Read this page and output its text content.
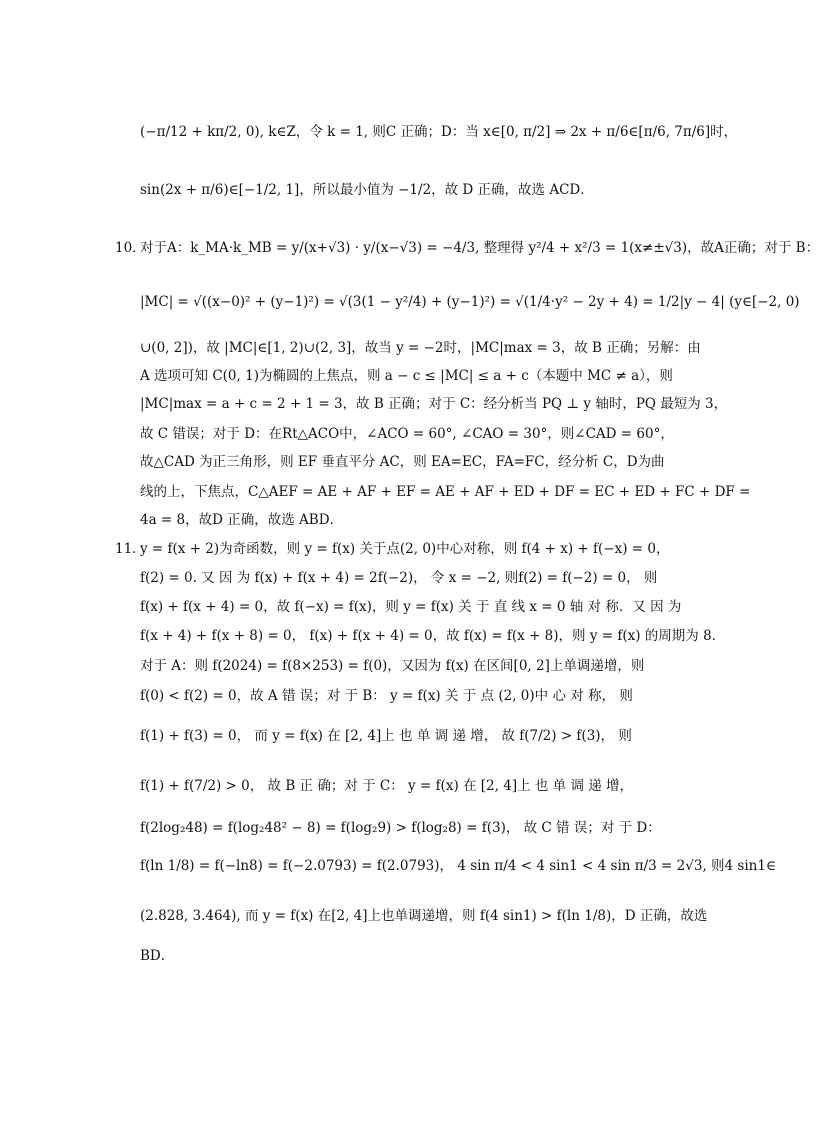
(−π/12 + kπ/2, 0), k∈Z，令 k = 1, 则C 正确；D：当 x∈[0, π/2] ⇒ 2x + π/6∈[π/6, 7π/6]时，
sin(2x + π/6)∈[−1/2, 1]，所以最小值为 −1/2，故 D 正确，故选 ACD．
10．
对于A：k_MA·k_MB = y/(x+√3) · y/(x−√3) = −4/3, 整理得 y²/4 + x²/3 = 1(x≠±√3)，故A正确；对于 B：
|MC| = √((x−0)² + (y−1)²) = √(3(1 − y²/4) + (y−1)²) = √(1/4·y² − 2y + 4) = 1/2|y − 4| (y∈[−2, 0)
∪(0, 2])，故 |MC|∈[1, 2)∪(2, 3]，故当 y = −2时，|MC|max = 3，故 B 正确；另解：由
A 选项可知 C(0, 1)为椭圆的上焦点，则 a − c ≤ |MC| ≤ a + c（本题中 MC ≠ a），则
|MC|max = a + c = 2 + 1 = 3，故 B 正确；对于 C：经分析当 PQ ⊥ y 轴时，PQ 最短为 3，
故 C 错误；对于 D：在Rt△ACO中，∠ACO = 60°, ∠CAO = 30°，则∠CAD = 60°，
故△CAD 为正三角形，则 EF 垂直平分 AC，则 EA=EC，FA=FC，经分析 C，D为曲
线的上，下焦点，C△AEF = AE + AF + EF = AE + AF + ED + DF = EC + ED + FC + DF =
4a = 8，故D 正确，故选 ABD．
11．
y = f(x + 2)为奇函数，则 y = f(x) 关于点(2, 0)中心对称，则 f(4 + x) + f(−x) = 0，
f(2) = 0. 又 因 为 f(x) + f(x + 4) = 2f(−2)， 令 x = −2, 则f(2) = f(−2) = 0， 则
f(x) + f(x + 4) = 0，故 f(−x) = f(x)，则 y = f(x) 关 于 直 线 x = 0 轴 对 称．又 因 为
f(x + 4) + f(x + 8) = 0， f(x) + f(x + 4) = 0，故 f(x) = f(x + 8)，则 y = f(x) 的周期为 8.
对于 A：则 f(2024) = f(8×253) = f(0)，又因为 f(x) 在区间[0, 2]上单调递增，则
f(0) < f(2) = 0，故 A 错 误；对 于 B： y = f(x) 关 于 点 (2, 0)中 心 对 称， 则
f(1) + f(3) = 0， 而 y = f(x) 在 [2, 4]上 也 单 调 递 增， 故 f(7/2) > f(3)， 则
f(1) + f(7/2) > 0， 故 B 正 确；对 于 C： y = f(x) 在 [2, 4]上 也 单 调 递 增，
f(2log₂48) = f(log₂48² − 8) = f(log₂9) > f(log₂8) = f(3)， 故 C 错 误；对 于 D：
f(ln 1/8) = f(−ln8) = f(−2.0793) = f(2.0793)， 4 sin π/4 < 4 sin1 < 4 sin π/3 = 2√3, 则4 sin1∈
(2.828, 3.464), 而 y = f(x) 在[2, 4]上也单调递增，则 f(4 sin1) > f(ln 1/8)，D 正确，故选
BD．
